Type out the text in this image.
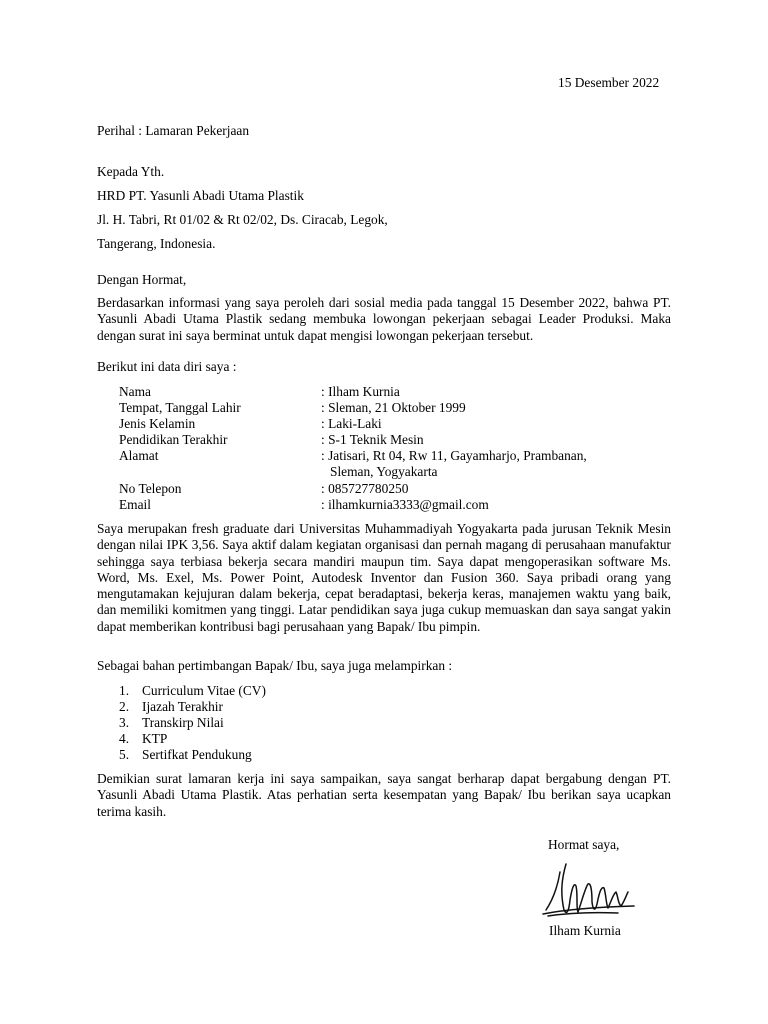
15 Desember 2022
Perihal : Lamaran Pekerjaan
Kepada Yth.
HRD PT. Yasunli Abadi Utama Plastik
Jl. H. Tabri, Rt 01/02 & Rt 02/02, Ds. Ciracab, Legok,
Tangerang, Indonesia.
Dengan Hormat,
Berdasarkan informasi yang saya peroleh dari sosial media pada tanggal 15 Desember 2022, bahwa PT. Yasunli Abadi Utama Plastik sedang membuka lowongan pekerjaan sebagai Leader Produksi. Maka dengan surat ini saya berminat untuk dapat mengisi lowongan pekerjaan tersebut.
Berikut ini data diri saya :
Nama	: Ilham Kurnia
Tempat, Tanggal Lahir	: Sleman, 21 Oktober 1999
Jenis Kelamin	: Laki-Laki
Pendidikan Terakhir	: S-1 Teknik Mesin
Alamat	: Jatisari, Rt 04, Rw 11, Gayamharjo, Prambanan,
Sleman, Yogyakarta
No Telepon	: 085727780250
Email	: ilhamkurnia3333@gmail.com
Saya merupakan fresh graduate dari Universitas Muhammadiyah Yogyakarta pada jurusan Teknik Mesin dengan nilai IPK 3,56. Saya aktif dalam kegiatan organisasi dan pernah magang di perusahaan manufaktur sehingga saya terbiasa bekerja secara mandiri maupun tim. Saya dapat mengoperasikan software Ms. Word, Ms. Exel, Ms. Power Point, Autodesk Inventor dan Fusion 360. Saya pribadi orang yang mengutamakan kejujuran dalam bekerja, cepat beradaptasi, bekerja keras, manajemen waktu yang baik, dan memiliki komitmen yang tinggi. Latar pendidikan saya juga cukup memuaskan dan saya sangat yakin dapat memberikan kontribusi bagi perusahaan yang Bapak/ Ibu pimpin.
Sebagai bahan pertimbangan Bapak/ Ibu, saya juga melampirkan :
1. Curriculum Vitae (CV)
2. Ijazah Terakhir
3. Transkirp Nilai
4. KTP
5. Sertifkat Pendukung
Demikian surat lamaran kerja ini saya sampaikan, saya sangat berharap dapat bergabung dengan PT. Yasunli Abadi Utama Plastik. Atas perhatian serta kesempatan yang Bapak/ Ibu berikan saya ucapkan terima kasih.
Hormat saya,
Ilham Kurnia
